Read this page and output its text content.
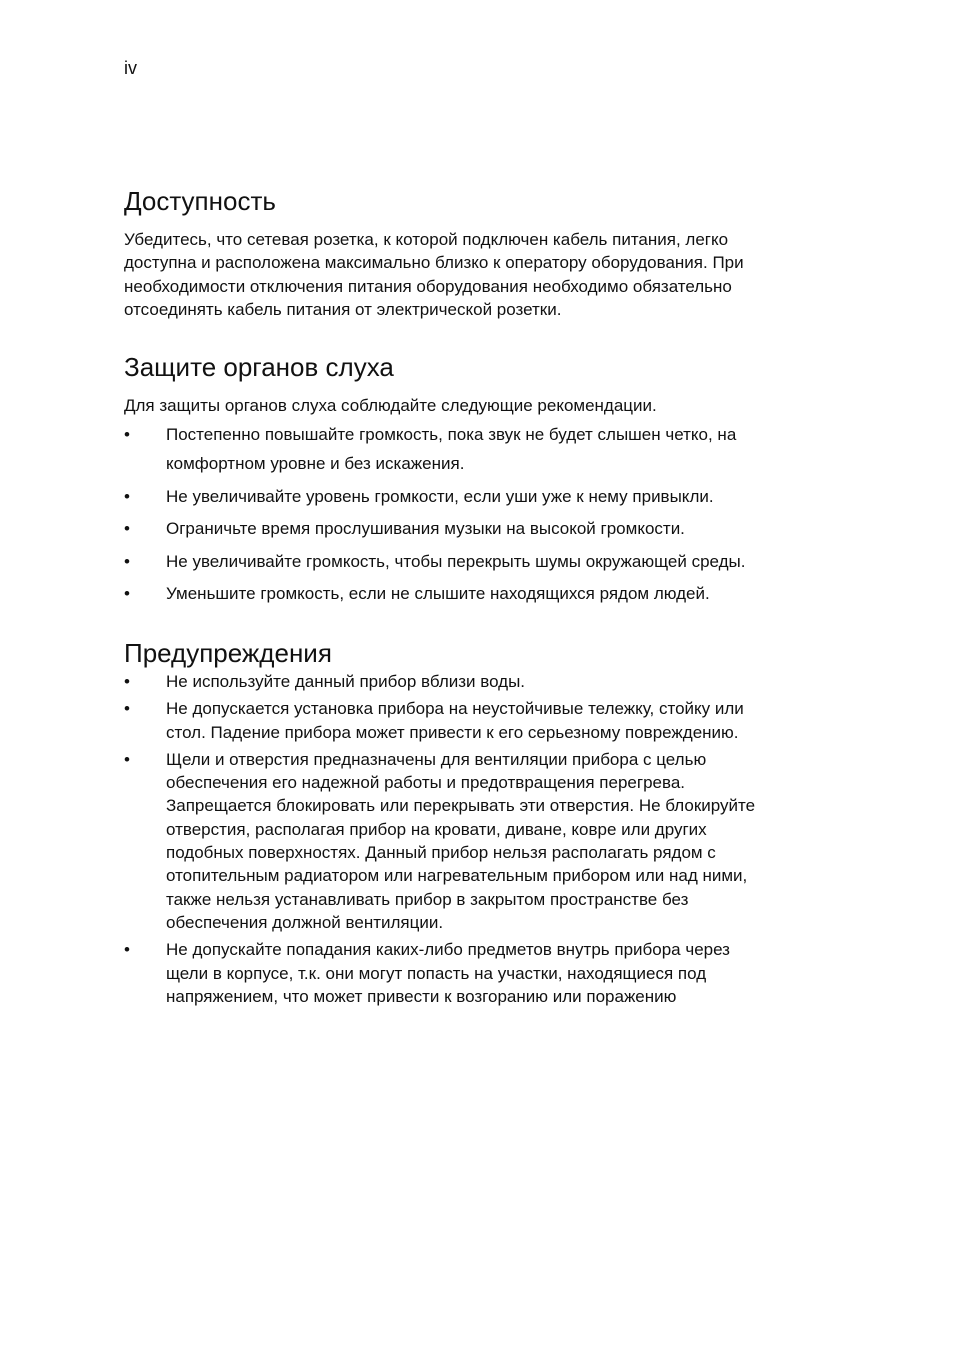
iv
Доступность

Убедитесь, что сетевая розетка, к которой подключен кабель питания, легко
доступна и расположена максимально близко к оператору оборудования. При
необходимости отключения питания оборудования необходимо обязательно
отсоединять кабель питания от электрической розетки.

Защите органов слуха

Для защиты органов слуха соблюдайте следующие рекомендации.

• Постепенно повышайте громкость, пока звук не будет слышен четко, на
комфортном уровне и без искажения.
• Не увеличивайте уровень громкости, если уши уже к нему привыкли.
• Ограничьте время прослушивания музыки на высокой громкости.
• Не увеличивайте громкость, чтобы перекрыть шумы окружающей среды.
• Уменьшите громкость, если не слышите находящихся рядом людей.
Предупреждения
• Не используйте данный прибор вблизи воды.
• Не допускается установка прибора на неустойчивые тележку, стойку или
стол. Падение прибора может привести к его серьезному повреждению.
• Щели и отверстия предназначены для вентиляции прибора с целью
обеспечения его надежной работы и предотвращения перегрева.
Запрещается блокировать или перекрывать эти отверстия. Не блокируйте
отверстия, располагая прибор на кровати, диване, ковре или других
подобных поверхностях. Данный прибор нельзя располагать рядом с
отопительным радиатором или нагревательным прибором или над ними,
также нельзя устанавливать прибор в закрытом пространстве без
обеспечения должной вентиляции.
• Не допускайте попадания каких-либо предметов внутрь прибора через
щели в корпусе, т.к. они могут попасть на участки, находящиеся под
напряжением, что может привести к возгоранию или поражению
